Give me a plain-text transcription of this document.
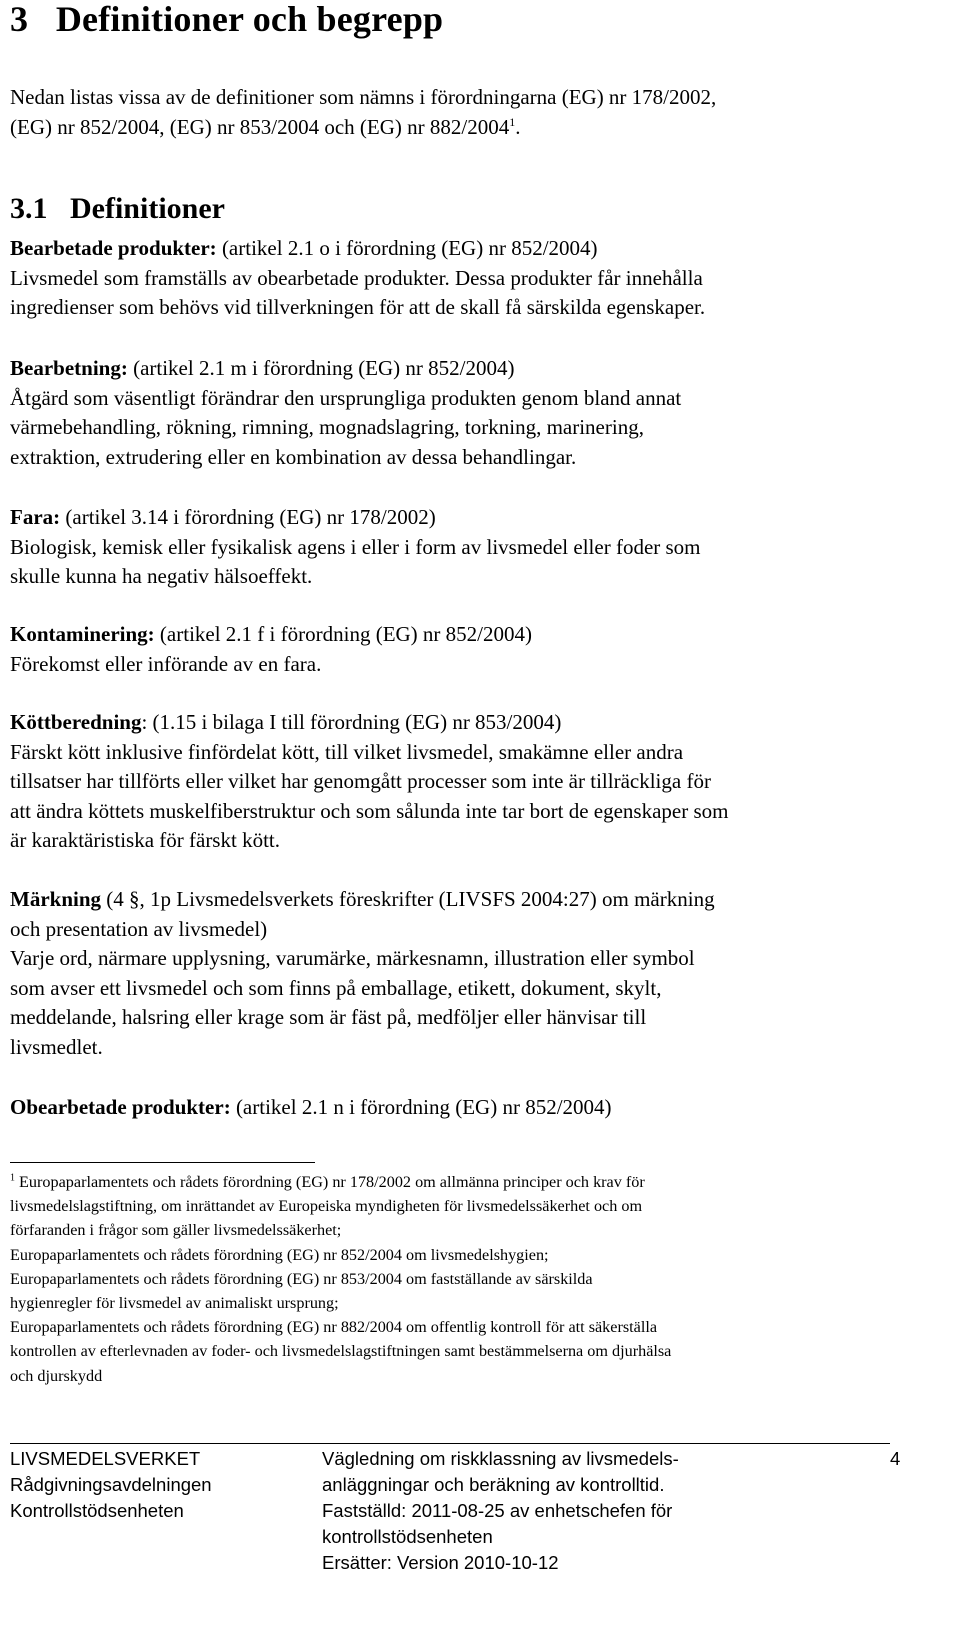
3 Definitioner och begrepp
Nedan listas vissa av de definitioner som nämns i förordningarna (EG) nr 178/2002,
(EG) nr 852/2004, (EG) nr 853/2004 och (EG) nr 882/2004$^1$.
3.1 Definitioner
Bearbetade produkter: (artikel 2.1 o i förordning (EG) nr 852/2004)
Livsmedel som framställs av obearbetade produkter. Dessa produkter får innehålla
ingredienser som behövs vid tillverkningen för att de skall få särskilda egenskaper.
Bearbetning: (artikel 2.1 m i förordning (EG) nr 852/2004)
Åtgärd som väsentligt förändrar den ursprungliga produkten genom bland annat
värmebehandling, rökning, rimning, mognadslagring, torkning, marinering,
extraktion, extrudering eller en kombination av dessa behandlingar.
Fara: (artikel 3.14 i förordning (EG) nr 178/2002)
Biologisk, kemisk eller fysikalisk agens i eller i form av livsmedel eller foder som
skulle kunna ha negativ hälsoeffekt.
Kontaminering: (artikel 2.1 f i förordning (EG) nr 852/2004)
Förekomst eller införande av en fara.
Köttberedning: (1.15 i bilaga I till förordning (EG) nr 853/2004)
Färskt kött inklusive finfördelat kött, till vilket livsmedel, smakämne eller andra
tillsatser har tillförts eller vilket har genomgått processer som inte är tillräckliga för
att ändra köttets muskelfiberstruktur och som sålunda inte tar bort de egenskaper som
är karaktäristiska för färskt kött.
Märkning (4 §, 1p Livsmedelsverkets föreskrifter (LIVSFS 2004:27) om märkning
och presentation av livsmedel)
Varje ord, närmare upplysning, varumärke, märkesnamn, illustration eller symbol
som avser ett livsmedel och som finns på emballage, etikett, dokument, skylt,
meddelande, halsring eller krage som är fäst på, medföljer eller hänvisar till
livsmedlet.
Obearbetade produkter: (artikel 2.1 n i förordning (EG) nr 852/2004)

$^1$ Europaparlamentets och rådets förordning (EG) nr 178/2002 om allmänna principer och krav för

livsmedelslagstiftning, om inrättandet av Europeiska myndigheten för livsmedelssäkerhet och om

förfaranden i frågor som gäller livsmedelssäkerhet;

Europaparlamentets och rådets förordning (EG) nr 852/2004 om livsmedelshygien;

Europaparlamentets och rådets förordning (EG) nr 853/2004 om fastställande av särskilda

hygienregler för livsmedel av animaliskt ursprung;

Europaparlamentets och rådets förordning (EG) nr 882/2004 om offentlig kontroll för att säkerställa

kontrollen av efterlevnaden av foder- och livsmedelslagstiftningen samt bestämmelserna om djurhälsa

och djurskydd

LIVSMEDELSVERKET
Rådgivningsavdelningen
Kontrollstödsenheten
Vägledning om riskklassning av livsmedels-
anläggningar och beräkning av kontrolltid.
Fastställd: 2011-08-25 av enhetschefen för
kontrollstödsenheten
Ersätter: Version 2010-10-12
4
